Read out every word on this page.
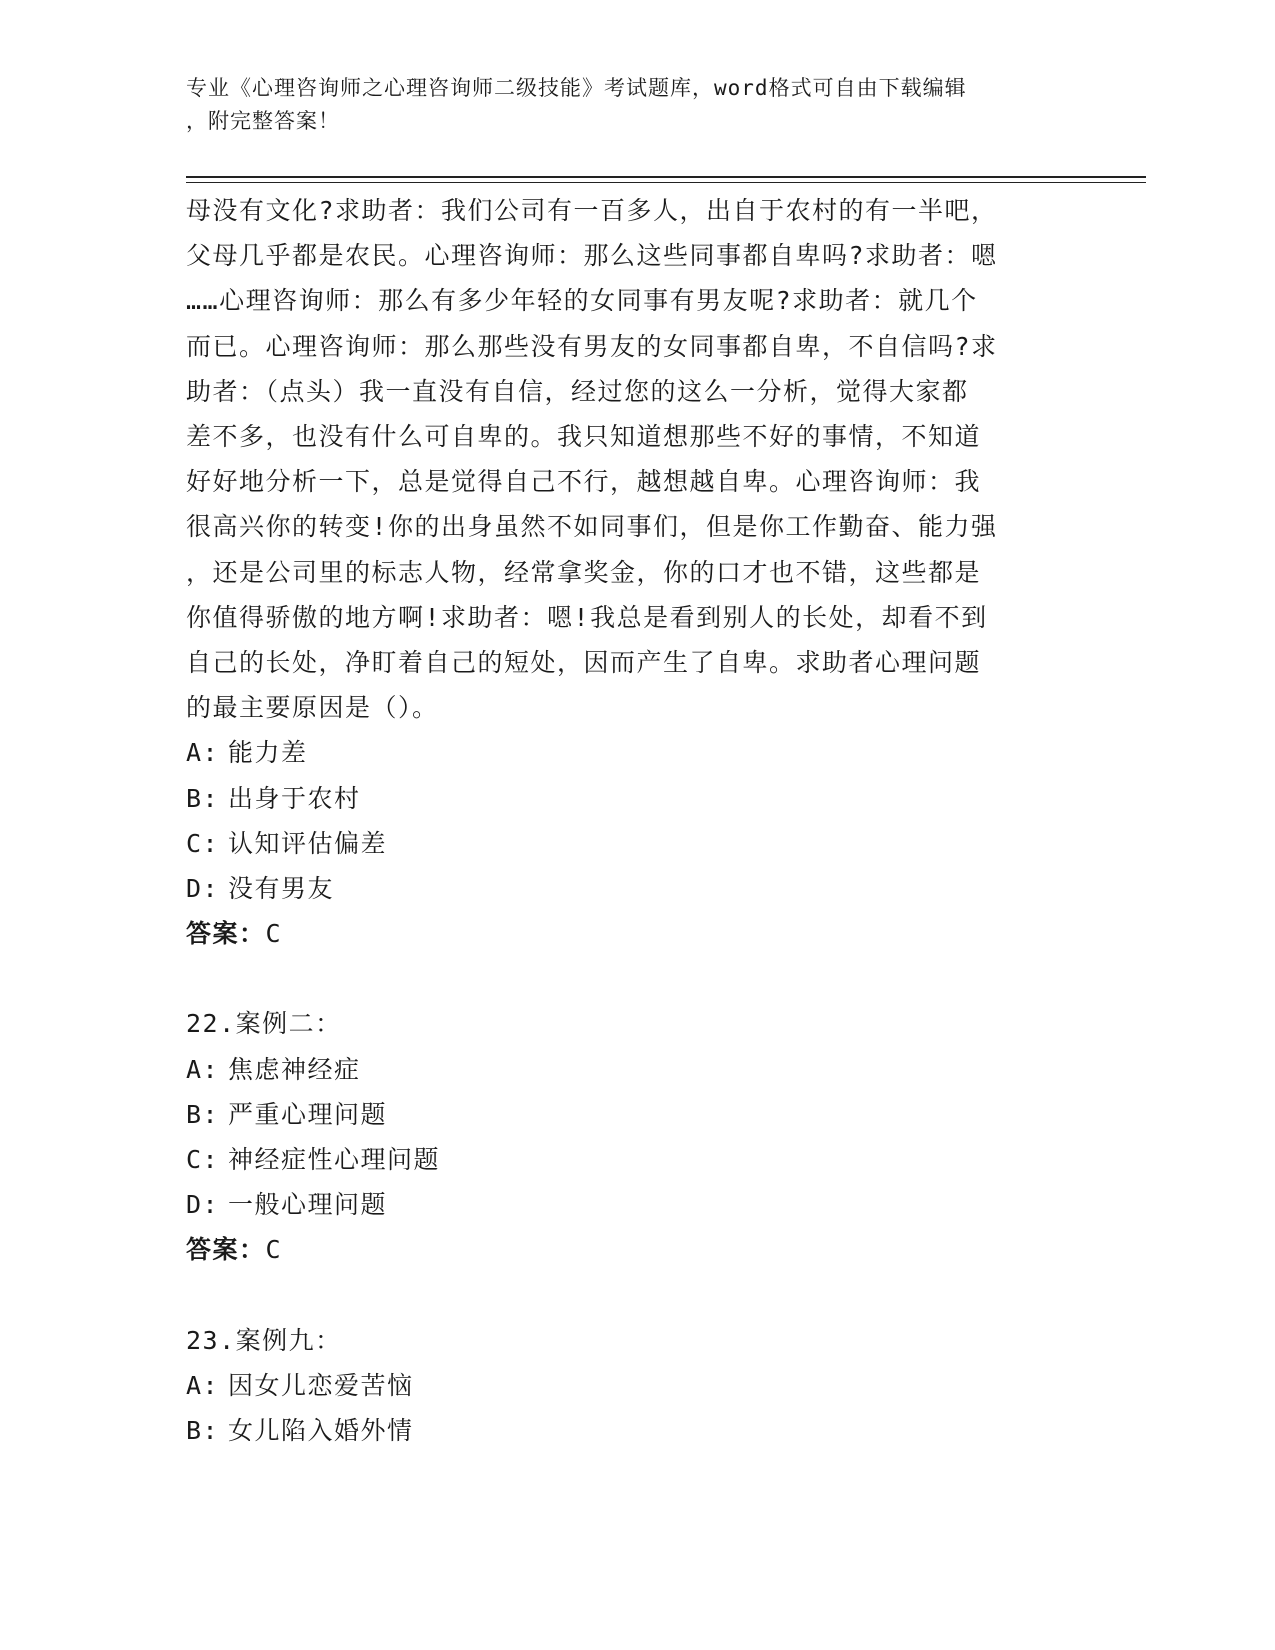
专业《心理咨询师之心理咨询师二级技能》考试题库，word格式可自由下载编辑
，附完整答案！

母没有文化?求助者：我们公司有一百多人，出自于农村的有一半吧，

父母几乎都是农民。心理咨询师：那么这些同事都自卑吗?求助者：嗯

……心理咨询师：那么有多少年轻的女同事有男友呢?求助者：就几个

而已。心理咨询师：那么那些没有男友的女同事都自卑，不自信吗?求

助者：（点头）我一直没有自信，经过您的这么一分析，觉得大家都

差不多，也没有什么可自卑的。我只知道想那些不好的事情，不知道

好好地分析一下，总是觉得自己不行，越想越自卑。心理咨询师：我

很高兴你的转变!你的出身虽然不如同事们，但是你工作勤奋、能力强

，还是公司里的标志人物，经常拿奖金，你的口才也不错，这些都是

你值得骄傲的地方啊!求助者：嗯!我总是看到别人的长处，却看不到

自己的长处，净盯着自己的短处，因而产生了自卑。求助者心理问题

的最主要原因是（）。

A: 能力差

B: 出身于农村

C: 认知评估偏差

D: 没有男友

答案：C

22.案例二：

A: 焦虑神经症

B: 严重心理问题

C: 神经症性心理问题

D: 一般心理问题

答案：C

23.案例九：

A: 因女儿恋爱苦恼

B: 女儿陷入婚外情
